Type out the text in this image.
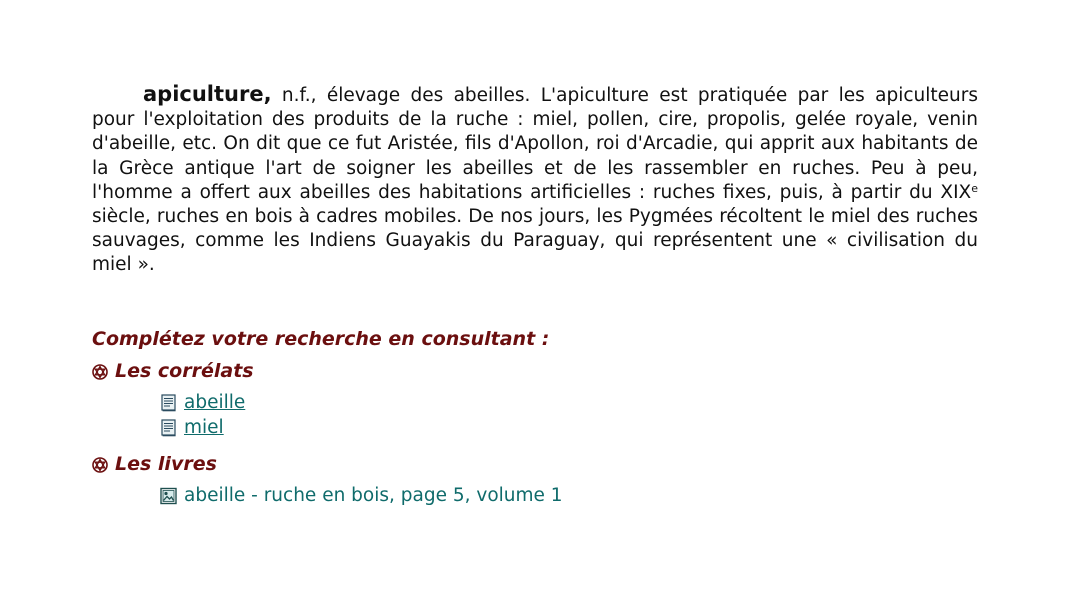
apiculture, n.f., élevage des abeilles. L'apiculture est pratiquée par les apiculteurs pour l'exploitation des produits de la ruche : miel, pollen, cire, propolis, gelée royale, venin d'abeille, etc. On dit que ce fut Aristée, fils d'Apollon, roi d'Arcadie, qui apprit aux habitants de la Grèce antique l'art de soigner les abeilles et de les rassembler en ruches. Peu à peu, l'homme a offert aux abeilles des habitations artificielles : ruches fixes, puis, à partir du XIXe siècle, ruches en bois à cadres mobiles. De nos jours, les Pygmées récoltent le miel des ruches sauvages, comme les Indiens Guayakis du Paraguay, qui représentent une « civilisation du miel ».
Complétez votre recherche en consultant :
Les corrélats
abeille
miel
Les livres
abeille - ruche en bois, page 5, volume 1
